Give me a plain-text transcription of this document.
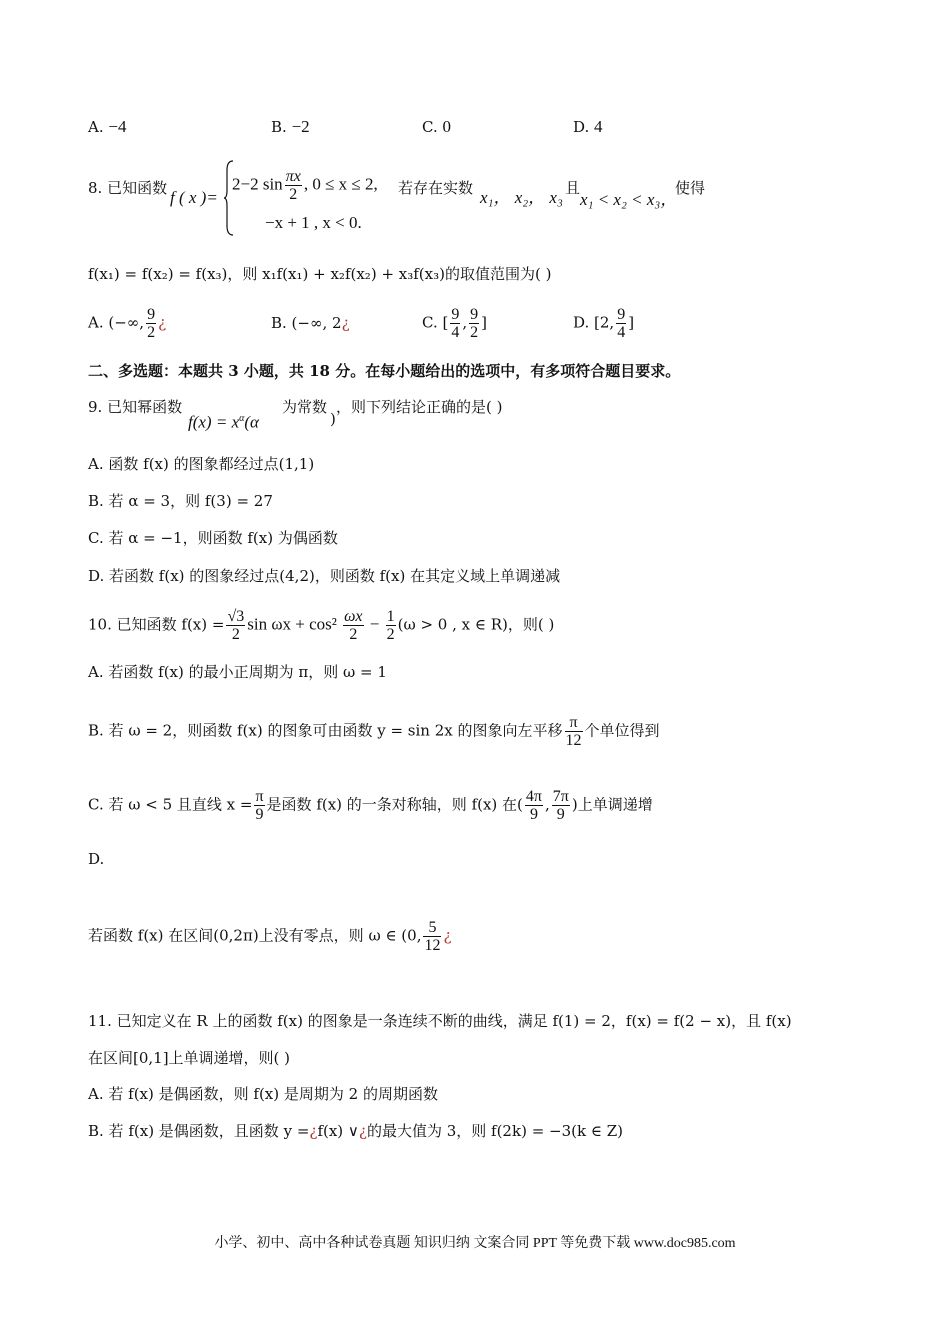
A. −4	B. −2	C. 0	D. 4
8. 已知函数 f ( x )=
2−2 $\sin \frac{\pi x}{2}$ , 0 ≤ x ≤ 2,
−x + 1 , x < 0.
若存在实数 x₁， x₂， x₃ 且
x₁ < x₂ < x₃，
使得
f(x₁) = f(x₂) = f(x₃)，则 x₁f(x₁) + x₂f(x₂) + x₃f(x₃)的取值范围为( )
A. (−∞, $\frac{9}{2}$ ¿	B. (−∞, 2¿	C. [ $\frac{9}{4}$ , $\frac{9}{2}$ ]	D. [2, $\frac{9}{4}$ ]
二、多选题：本题共 3 小题，共 18 分。在每小题给出的选项中，有多项符合题目要求。
9. 已知幂函数
$f(x) = x^\alpha(\alpha$
为常数
)
，则下列结论正确的是( )
A. 函数 f(x) 的图象都经过点(1,1)
B. 若 α = 3，则 f(3) = 27
C. 若 α = −1，则函数 f(x) 为偶函数
D. 若函数 f(x) 的图象经过点(4,2)，则函数 f(x) 在其定义域上单调递减
10. 已知函数 $f(x) = \frac{√3}{2}$ $\sin \omega x + \cos^2 \frac{\omega x}{2} - \frac{1}{2} (\omega > 0$ , x ∈ R)，则( )
A. 若函数 f(x) 的最小正周期为 π，则 ω = 1
B. 若 ω = 2，则函数 f(x) 的图象可由函数 y = sin 2x 的图象向左平移 $\frac{\pi}{12}$ 个单位得到
C. 若 ω < 5 且直线 $x = \frac{\pi}{9}$ 是函数 f(x) 的一条对称轴，则 f(x) 在( $\frac{4\pi}{9}$ , $\frac{7\pi}{9}$ )上单调递增
D.
若函数 f(x) 在区间(0,2π)上没有零点，则 ω ∈ (0, $\frac{5}{12}$ ¿
11. 已知定义在 R 上的函数 f(x) 的图象是一条连续不断的曲线，满足 f(1) = 2，f(x) = f(2 − x)，且 f(x)
在区间[0,1]上单调递增，则( )
A. 若 f(x) 是偶函数，则 f(x) 是周期为 2 的周期函数
B. 若 f(x) 是偶函数，且函数 y =¿f(x) ∨¿的最大值为 3，则 f(2k) = −3(k ∈ Z)
小学、初中、高中各种试卷真题 知识归纳 文案合同 PPT 等免费下载 www.doc985.com
